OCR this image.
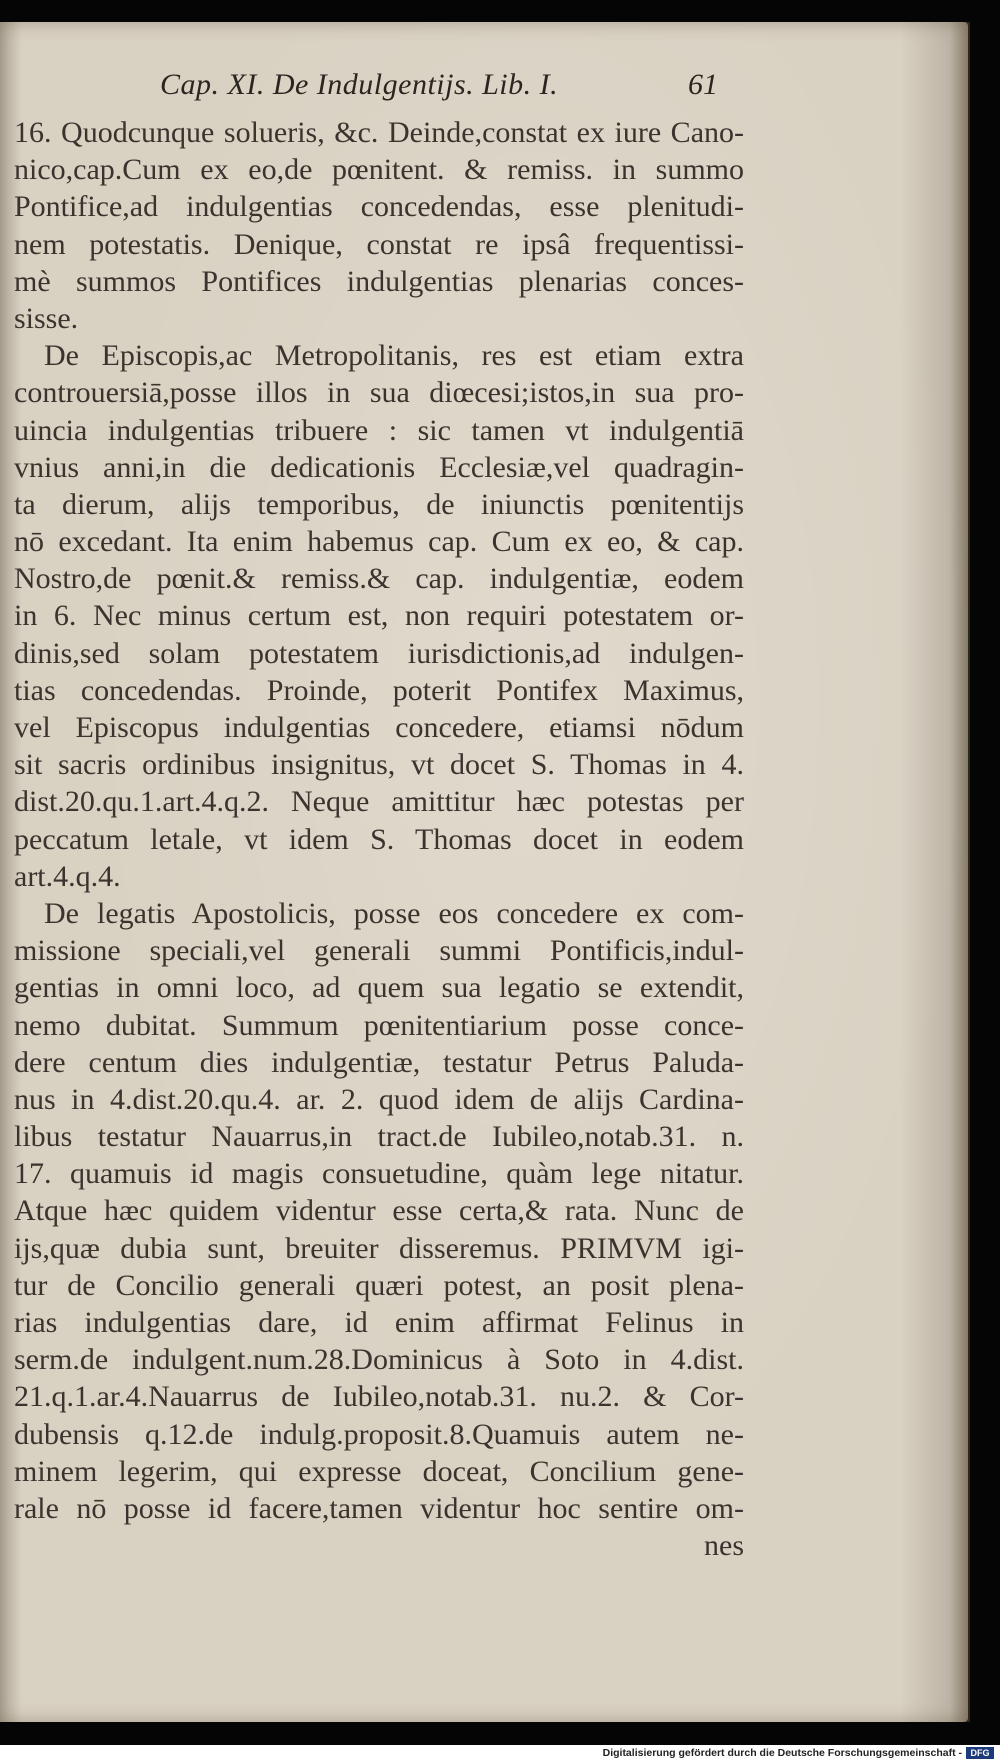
Cap. XI. De Indulgentijs. Lib. I.	61
16. Quodcunque solueris, &c. Deinde,constat ex iure Cano-
nico,cap.Cum ex eo,de pœnitent. & remiss. in summo
Pontifice,ad indulgentias concedendas, esse plenitudi-
nem potestatis. Denique, constat re ipsâ frequentissi-
mè summos Pontifices indulgentias plenarias conces-
sisse.
De Episcopis,ac Metropolitanis, res est etiam extra
controuersiā,posse illos in sua diœcesi;istos,in sua pro-
uincia indulgentias tribuere : sic tamen vt indulgentiā
vnius anni,in die dedicationis Ecclesiæ,vel quadragin-
ta dierum, alijs temporibus, de iniunctis pœnitentijs
nō excedant. Ita enim habemus cap. Cum ex eo, & cap.
Nostro,de pœnit.& remiss.& cap. indulgentiæ, eodem
in 6. Nec minus certum est, non requiri potestatem or-
dinis,sed solam potestatem iurisdictionis,ad indulgen-
tias concedendas. Proinde, poterit Pontifex Maximus,
vel Episcopus indulgentias concedere, etiamsi nōdum
sit sacris ordinibus insignitus, vt docet S. Thomas in 4.
dist.20.qu.1.art.4.q.2. Neque amittitur hæc potestas per
peccatum letale, vt idem S. Thomas docet in eodem
art.4.q.4.
De legatis Apostolicis, posse eos concedere ex com-
missione speciali,vel generali summi Pontificis,indul-
gentias in omni loco, ad quem sua legatio se extendit,
nemo dubitat. Summum pœnitentiarium posse conce-
dere centum dies indulgentiæ, testatur Petrus Paluda-
nus in 4.dist.20.qu.4. ar. 2. quod idem de alijs Cardina-
libus testatur Nauarrus,in tract.de Iubileo,notab.31. n.
17. quamuis id magis consuetudine, quàm lege nitatur.
Atque hæc quidem videntur esse certa,& rata. Nunc de
ijs,quæ dubia sunt, breuiter disseremus. PRIMVM igi-
tur de Concilio generali quæri potest, an posit plena-
rias indulgentias dare, id enim affirmat Felinus in
serm.de indulgent.num.28.Dominicus à Soto in 4.dist.
21.q.1.ar.4.Nauarrus de Iubileo,notab.31. nu.2. & Cor-
dubensis q.12.de indulg.proposit.8.Quamuis autem ne-
minem legerim, qui expresse doceat, Concilium gene-
rale nō posse id facere,tamen videntur hoc sentire om-
nes
Digitalisierung gefördert durch die Deutsche Forschungsgemeinschaft - DFG
